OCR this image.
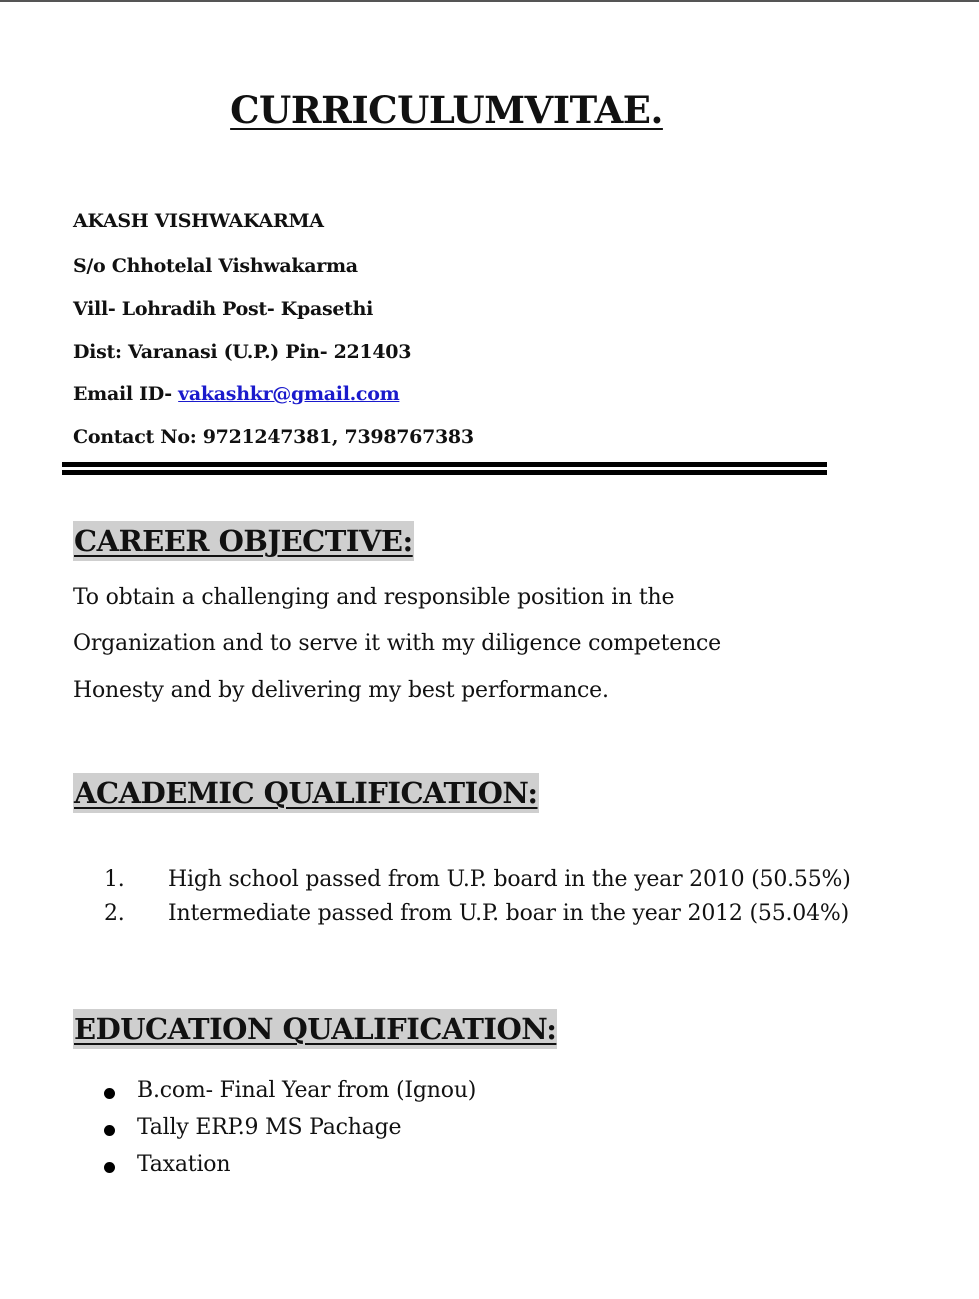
CURRICULUMVITAE.
AKASH VISHWAKARMA
S/o Chhotelal Vishwakarma
Vill- Lohradih Post- Kpasethi
Dist: Varanasi (U.P.) Pin- 221403
Email ID- vakashkr@gmail.com
Contact No: 9721247381, 7398767383
CAREER OBJECTIVE:
To obtain a challenging and responsible position in the
Organization and to serve it with my diligence competence
Honesty and by delivering my best performance.
ACADEMIC QUALIFICATION:
1. High school passed from U.P. board in the year 2010 (50.55%)
2. Intermediate passed from U.P. boar in the year 2012 (55.04%)
EDUCATION QUALIFICATION:
B.com- Final Year from (Ignou)
Tally ERP.9 MS Pachage
Taxation
